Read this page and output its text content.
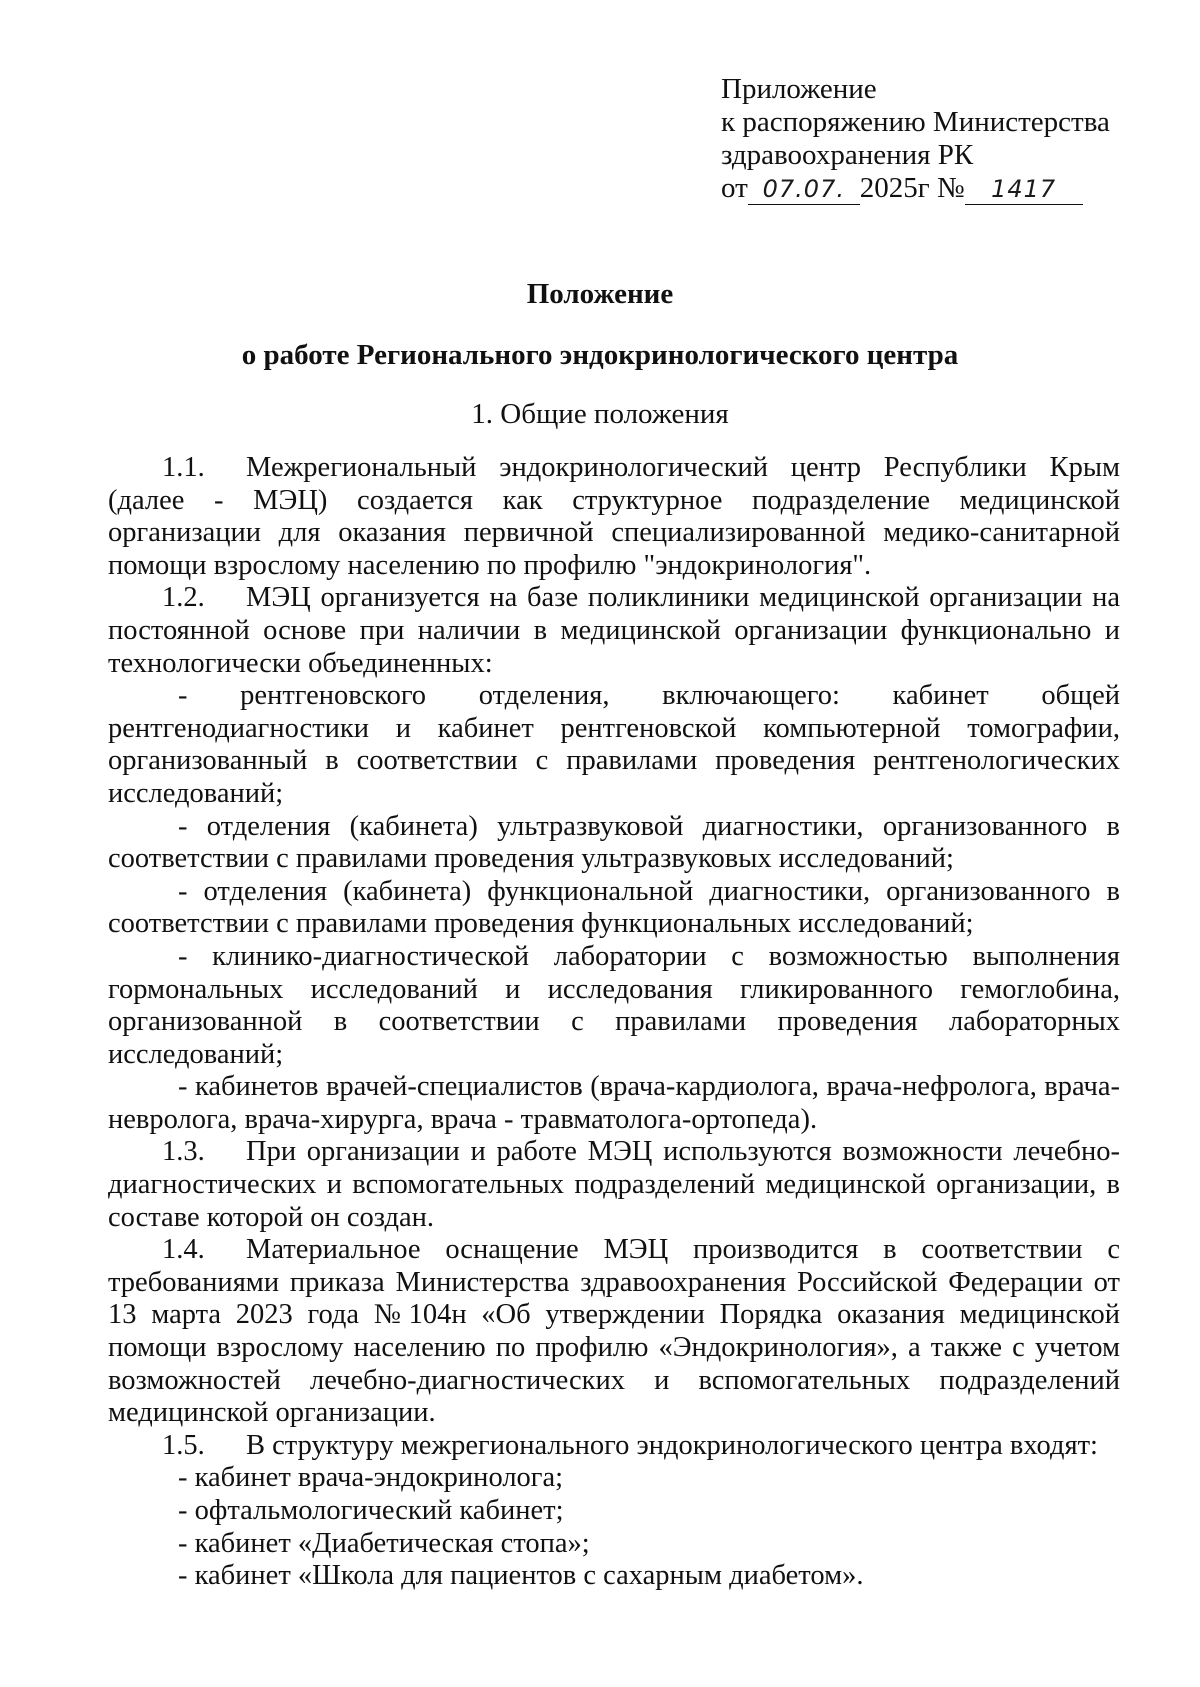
Приложение
к распоряжению Министерства
здравоохранения РК
от 07.07. 2025г № 1417
Положение
о работе Регионального эндокринологического центра
1. Общие положения

1.1. Межрегиональный эндокринологический центр Республики Крым (далее - МЭЦ) создается как структурное подразделение медицинской организации для оказания первичной специализированной медико-санитарной помощи взрослому населению по профилю "эндокринология".

1.2. МЭЦ организуется на базе поликлиники медицинской организации на постоянной основе при наличии в медицинской организации функционально и технологически объединенных:

- рентгеновского отделения, включающего: кабинет общей рентгенодиагностики и кабинет рентгеновской компьютерной томографии, организованный в соответствии с правилами проведения рентгенологических исследований;

- отделения (кабинета) ультразвуковой диагностики, организованного в соответствии с правилами проведения ультразвуковых исследований;

- отделения (кабинета) функциональной диагностики, организованного в соответствии с правилами проведения функциональных исследований;

- клинико-диагностической лаборатории с возможностью выполнения гормональных исследований и исследования гликированного гемоглобина, организованной в соответствии с правилами проведения лабораторных исследований;

- кабинетов врачей-специалистов (врача-кардиолога, врача-нефролога, врача-невролога, врача-хирурга, врача - травматолога-ортопеда).

1.3. При организации и работе МЭЦ используются возможности лечебно-диагностических и вспомогательных подразделений медицинской организации, в составе которой он создан.

1.4. Материальное оснащение МЭЦ производится в соответствии с требованиями приказа Министерства здравоохранения Российской Федерации от 13 марта 2023 года №104н «Об утверждении Порядка оказания медицинской помощи взрослому населению по профилю «Эндокринология», а также с учетом возможностей лечебно-диагностических и вспомогательных подразделений медицинской организации.

1.5. В структуру межрегионального эндокринологического центра входят:

- кабинет врача-эндокринолога;

- офтальмологический кабинет;

- кабинет «Диабетическая стопа»;

- кабинет «Школа для пациентов с сахарным диабетом».
